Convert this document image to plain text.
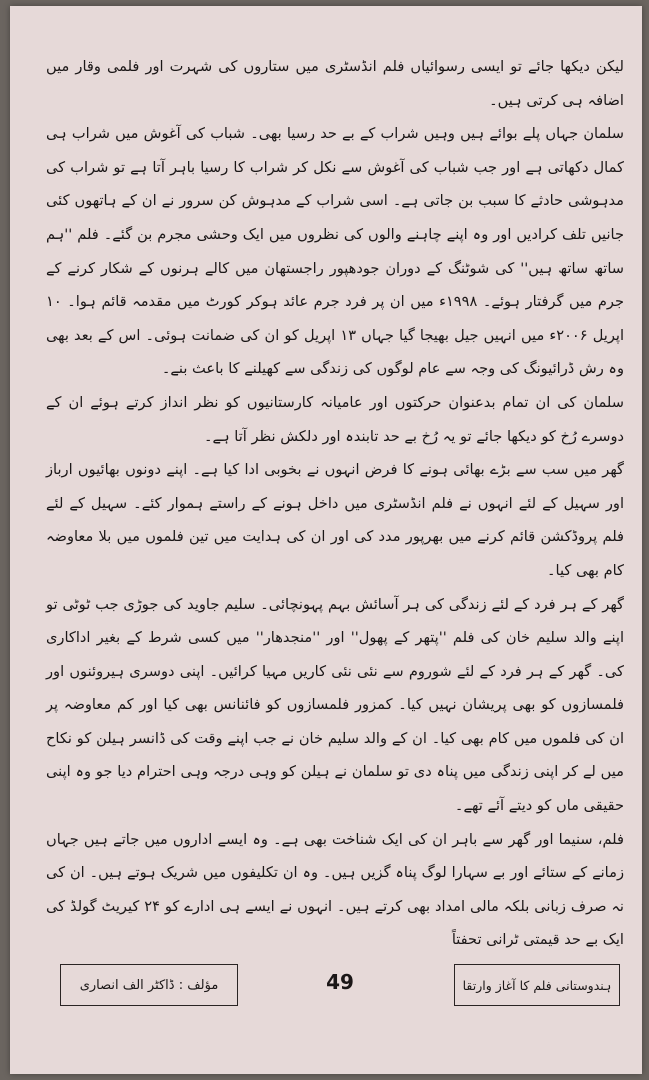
لیکن دیکھا جائے تو ایسی رسوائیاں فلم انڈسٹری میں ستاروں کی شہرت اور فلمی وقار میں اضافہ ہی کرتی ہیں۔

سلمان جہاں پلے بوائے ہیں وہیں شراب کے بے حد رسیا بھی۔ شباب کی آغوش میں شراب ہی کمال دکھاتی ہے اور جب شباب کی آغوش سے نکل کر شراب کا رسیا باہر آتا ہے تو شراب کی مدہوشی حادثے کا سبب بن جاتی ہے۔ اسی شراب کے مدہوش کن سرور نے ان کے ہاتھوں کئی جانیں تلف کرادیں اور وہ اپنے چاہنے والوں کی نظروں میں ایک وحشی مجرم بن گئے۔ فلم ''ہم ساتھ ساتھ ہیں'' کی شوٹنگ کے دوران جودھپور راجستھان میں کالے ہرنوں کے شکار کرنے کے جرم میں گرفتار ہوئے۔ ۱۹۹۸ء میں ان پر فرد جرم عائد ہوکر کورٹ میں مقدمہ قائم ہوا۔ ۱۰ اپریل ۲۰۰۶ء میں انہیں جیل بھیجا گیا جہاں ۱۳ اپریل کو ان کی ضمانت ہوئی۔ اس کے بعد بھی وہ رش ڈرائیونگ کی وجہ سے عام لوگوں کی زندگی سے کھیلنے کا باعث بنے۔

سلمان کی ان تمام بدعنوان حرکتوں اور عامیانہ کارستانیوں کو نظر انداز کرتے ہوئے ان کے دوسرے رُخ کو دیکھا جائے تو یہ رُخ بے حد تابندہ اور دلکش نظر آتا ہے۔

گھر میں سب سے بڑے بھائی ہونے کا فرض انہوں نے بخوبی ادا کیا ہے۔ اپنے دونوں بھائیوں ارباز اور سہیل کے لئے انہوں نے فلم انڈسٹری میں داخل ہونے کے راستے ہموار کئے۔ سہیل کے لئے فلم پروڈکشن قائم کرنے میں بھرپور مدد کی اور ان کی ہدایت میں تین فلموں میں بلا معاوضہ کام بھی کیا۔

گھر کے ہر فرد کے لئے زندگی کی ہر آسائش بہم پہونچائی۔ سلیم جاوید کی جوڑی جب ٹوٹی تو اپنے والد سلیم خان کی فلم ''پتھر کے پھول'' اور ''منجدھار'' میں کسی شرط کے بغیر اداکاری کی۔ گھر کے ہر فرد کے لئے شوروم سے نئی نئی کاریں مہیا کرائیں۔ اپنی دوسری ہیروئنوں اور فلمسازوں کو بھی پریشان نہیں کیا۔ کمزور فلمسازوں کو فائنانس بھی کیا اور کم معاوضہ پر ان کی فلموں میں کام بھی کیا۔ ان کے والد سلیم خان نے جب اپنے وقت کی ڈانسر ہیلن کو نکاح میں لے کر اپنی زندگی میں پناہ دی تو سلمان نے ہیلن کو وہی درجہ وہی احترام دیا جو وہ اپنی حقیقی ماں کو دیتے آئے تھے۔

فلم، سنیما اور گھر سے باہر ان کی ایک شناخت بھی ہے۔ وہ ایسے اداروں میں جاتے ہیں جہاں زمانے کے ستائے اور بے سہارا لوگ پناہ گزیں ہیں۔ وہ ان تکلیفوں میں شریک ہوتے ہیں۔ ان کی نہ صرف زبانی بلکہ مالی امداد بھی کرتے ہیں۔ انہوں نے ایسے ہی ادارے کو ۲۴ کیریٹ گولڈ کی ایک بے حد قیمتی ٹرانی تحفتاً

مؤلف : ڈاکٹر الف انصاری	49	ہندوستانی فلم کا آغاز وارتقا
